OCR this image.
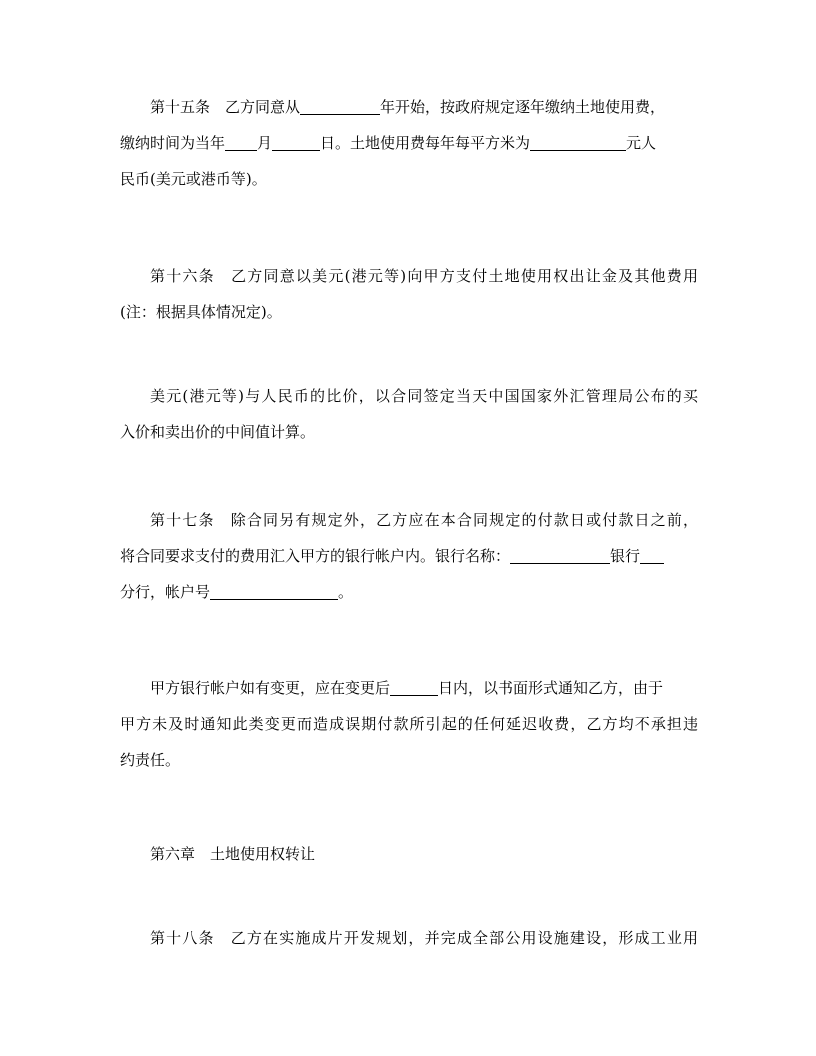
第十五条 乙方同意从	年开始，按政府规定逐年缴纳土地使用费，
缴纳时间为当年 月	日。土地使用费每年每平方米为	元人
民币(美元或港币等)。
第十六条 乙方同意以美元(港元等)向甲方支付土地使用权出让金及其他费用
(注：根据具体情况定)。
美元(港元等)与人民币的比价，以合同签定当天中国国家外汇管理局公布的买
入价和卖出价的中间值计算。
第十七条 除合同另有规定外，乙方应在本合同规定的付款日或付款日之前，
将合同要求支付的费用汇入甲方的银行帐户内。银行名称：	银行
分行，帐户号	。
甲方银行帐户如有变更，应在变更后	日内，以书面形式通知乙方，由于
甲方未及时通知此类变更而造成误期付款所引起的任何延迟收费，乙方均不承担违
约责任。
第六章 土地使用权转让
第十八条 乙方在实施成片开发规划，并完成全部公用设施建设，形成工业用
